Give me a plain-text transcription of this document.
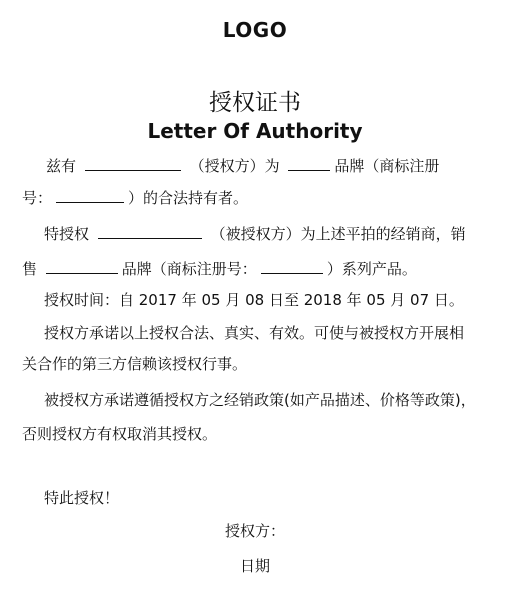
LOGO
授权证书
Letter Of Authority
兹有	（授权方）为	品牌（商标注册
号：	）的合法持有者。
特授权	（被授权方）为上述平拍的经销商，销
售	品牌（商标注册号：	）系列产品。
授权时间：自 2017 年 05 月 08 日至 2018 年 05 月 07 日。
授权方承诺以上授权合法、真实、有效。可使与被授权方开展相
关合作的第三方信赖该授权行事。
被授权方承诺遵循授权方之经销政策(如产品描述、价格等政策)，
否则授权方有权取消其授权。
特此授权！
授权方：
日期
